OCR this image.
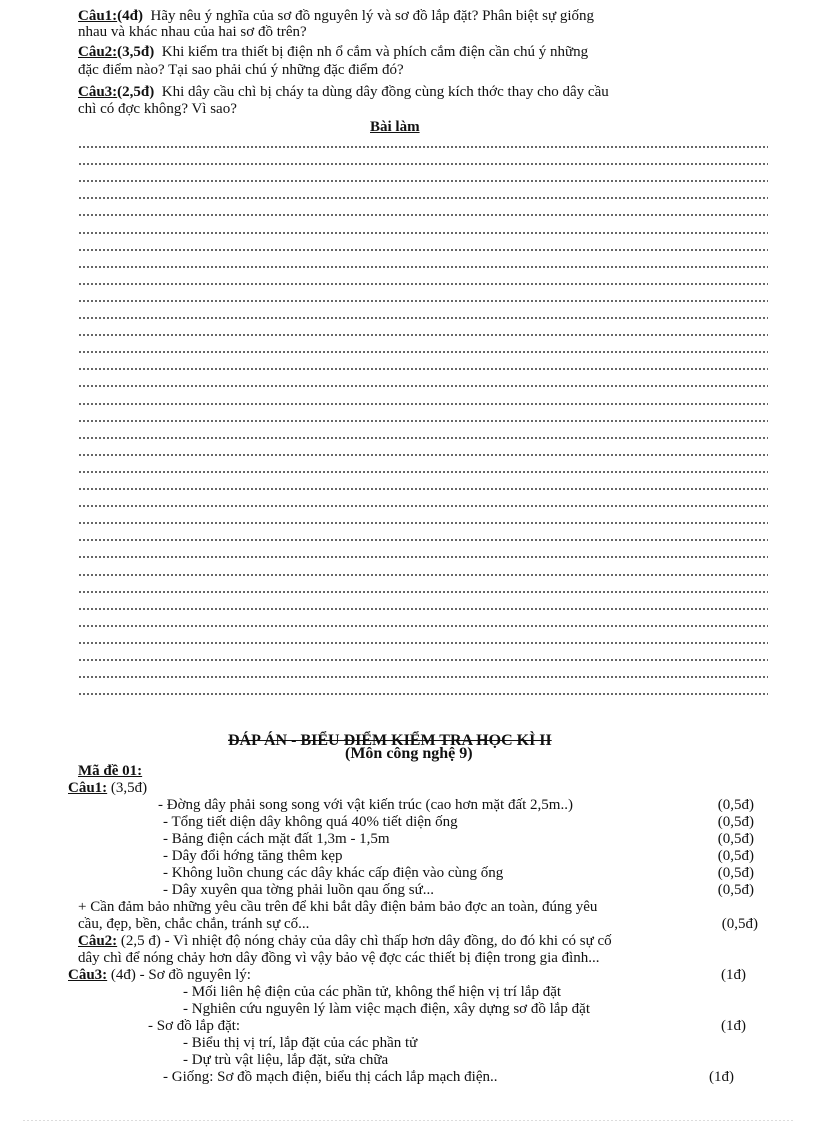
Câu1:(4đ) Hãy nêu ý nghĩa của sơ đồ nguyên lý và sơ đồ lắp đặt? Phân biệt sự giống
nhau và khác nhau của hai sơ đồ trên?
Câu2:(3,5đ) Khi kiểm tra thiết bị điện nh ổ cắm và phích cắm điện cần chú ý những
đặc điểm nào? Tại sao phải chú ý những đặc điểm đó?
Câu3:(2,5đ) Khi dây cầu chì bị cháy ta dùng dây đồng cùng kích thớc thay cho dây cầu
chì có đợc không? Vì sao?
Bài làm
ĐÁP ÁN - BIỂU ĐIỂM KIỂM TRA HỌC KÌ II
(Môn công nghệ 9)
Mã đề 01:
Câu1: (3,5đ)
- Đờng dây phải song song với vật kiến trúc (cao hơn mặt đất 2,5m..)	(0,5đ)
- Tổng tiết diện dây không quá 40% tiết diện ống	(0,5đ)
- Bảng điện cách mặt đất 1,3m - 1,5m	(0,5đ)
- Dây đổi hớng tăng thêm kẹp	(0,5đ)
- Không luồn chung các dây khác cấp điện vào cùng ống	(0,5đ)
- Dây xuyên qua tờng phải luồn qau ống sứ...	(0,5đ)
+ Cần đảm bảo những yêu cầu trên để khi bắt dây điện bảm bảo đợc an toàn, đúng yêu
cầu, đẹp, bền, chắc chắn, tránh sự cố...	(0,5đ)
Câu2: (2,5 đ) - Vì nhiệt độ nóng chảy của dây chì thấp hơn dây đồng, do đó khi có sự cố
dây chì để nóng chảy hơn dây đồng vì vậy bảo vệ đợc các thiết bị điện trong gia đình...
Câu3: (4đ) - Sơ đồ nguyên lý:	(1đ)
- Mối liên hệ điện của các phần tử, không thể hiện vị trí lắp đặt
- Nghiên cứu nguyên lý làm việc mạch điện, xây dựng sơ đồ lắp đặt
- Sơ đồ lắp đặt:	(1đ)
- Biểu thị vị trí, lắp đặt của các phần tử
- Dự trù vật liệu, lắp đặt, sửa chữa
- Giống: Sơ đồ mạch điện, biểu thị cách lắp mạch điện..	(1đ)
